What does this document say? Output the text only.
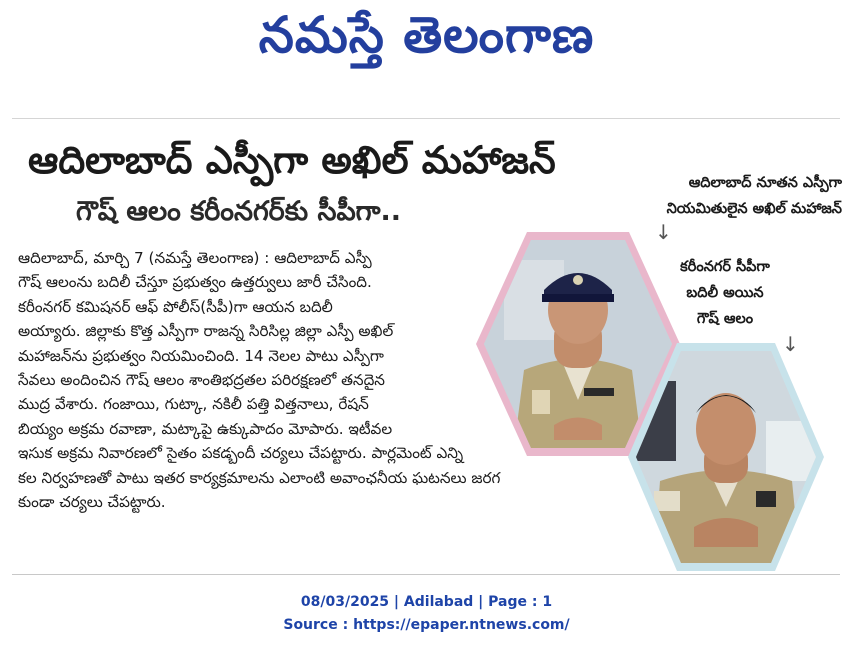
నమస్తే తెలంగాణ
ఆదిలాబాద్ ఎస్పీగా అఖిల్ మహాజన్
గౌష్ ఆలం కరీంనగర్‌కు సీపీగా..
ఆదిలాబాద్, మార్చి 7 (నమస్తే తెలంగాణ) : ఆదిలాబాద్ ఎస్పీ
గౌష్ ఆలంను బదిలీ చేస్తూ ప్రభుత్వం ఉత్తర్వులు జారీ చేసింది.
కరీంనగర్ కమిషనర్ ఆఫ్ పోలీస్(సీపీ)గా ఆయన బదిలీ
అయ్యారు. జిల్లాకు కొత్త ఎస్పీగా రాజన్న సిరిసిల్ల జిల్లా ఎస్పీ అఖిల్
మహాజన్‌ను ప్రభుత్వం నియమించింది. 14 నెలల పాటు ఎస్పీగా
సేవలు అందించిన గౌష్ ఆలం శాంతిభద్రతల పరిరక్షణలో తనదైన
ముద్ర వేశారు. గంజాయి, గుట్కా, నకిలీ పత్తి విత్తనాలు, రేషన్
బియ్యం అక్రమ రవాణా, మట్కాపై ఉక్కుపాదం మోపారు. ఇటీవల
ఇసుక అక్రమ నివారణలో సైతం పకడ్బందీ చర్యలు చేపట్టారు. పార్లమెంట్ ఎన్ని
కల నిర్వహణతో పాటు ఇతర కార్యక్రమాలను ఎలాంటి అవాంఛనీయ ఘటనలు జరగ
కుండా చర్యలు చేపట్టారు.
ఆదిలాబాద్ నూతన ఎస్పీగా
నియమితులైన అఖిల్ మహాజన్
↓
కరీంనగర్ సీపీగా
బదిలీ అయిన
గౌష్ ఆలం
↓
08/03/2025 | Adilabad | Page : 1
Source : https://epaper.ntnews.com/
